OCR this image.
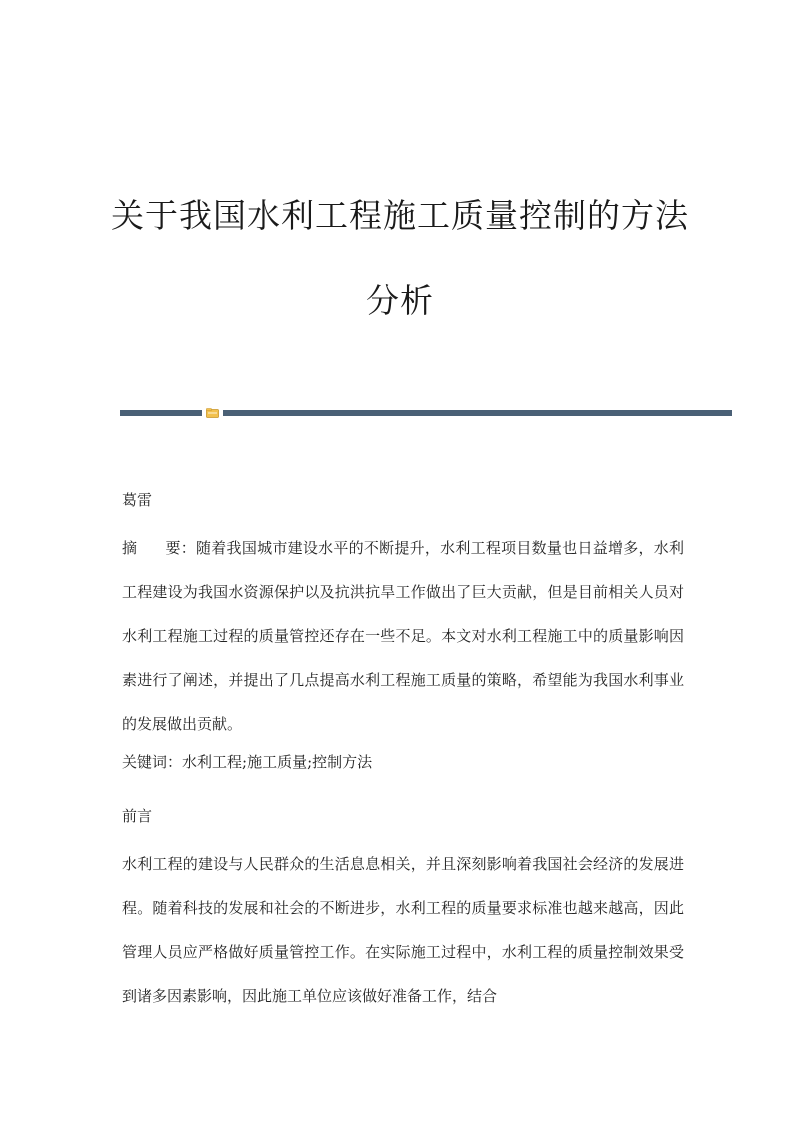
关于我国水利工程施工质量控制的方法
分析

葛雷

摘 要：随着我国城市建设水平的不断提升，水利工程项目数量也日益增多，水利工程建设为我国水资源保护以及抗洪抗旱工作做出了巨大贡献，但是目前相关人员对水利工程施工过程的质量管控还存在一些不足。本文对水利工程施工中的质量影响因素进行了阐述，并提出了几点提高水利工程施工质量的策略，希望能为我国水利事业的发展做出贡献。

关键词：水利工程;施工质量;控制方法

前言

水利工程的建设与人民群众的生活息息相关，并且深刻影响着我国社会经济的发展进程。随着科技的发展和社会的不断进步，水利工程的质量要求标准也越来越高，因此管理人员应严格做好质量管控工作。在实际施工过程中，水利工程的质量控制效果受到诸多因素影响，因此施工单位应该做好准备工作，结合
